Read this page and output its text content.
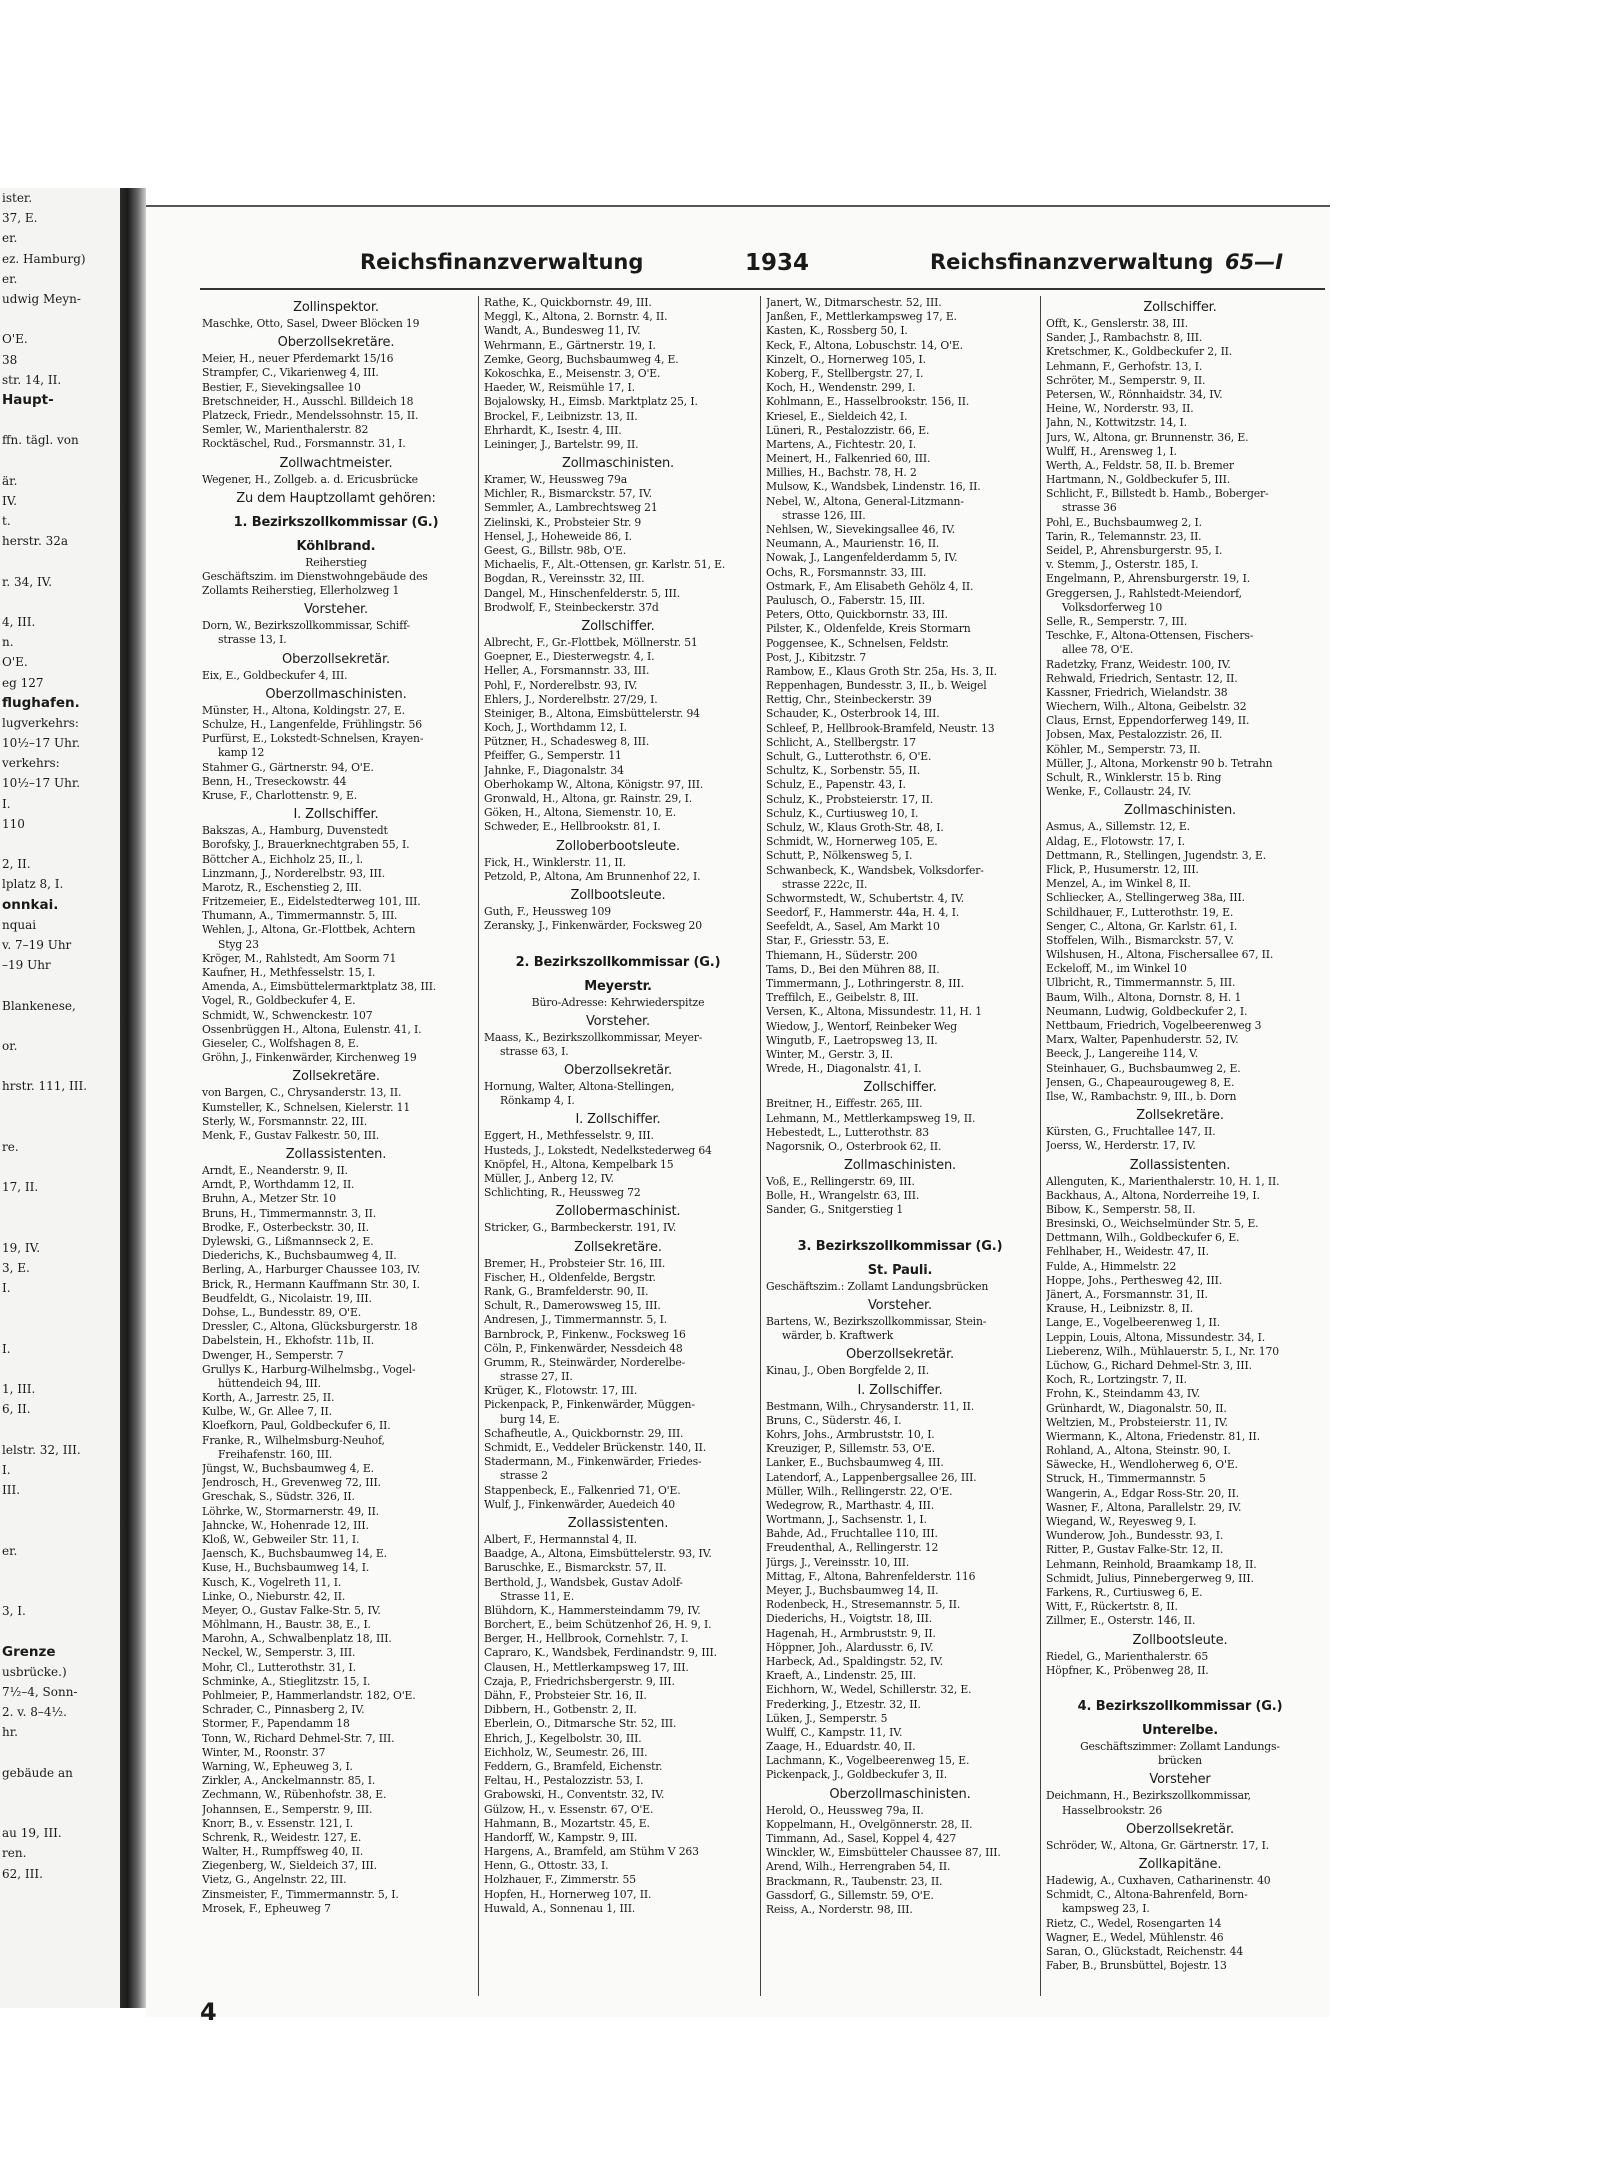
ister.
37, E.
er.
ez. Hamburg)
er.
udwig Meyn-
O'E.
38
str. 14, II.
Haupt-
ffn. tägl. von
är.
IV.
t.
herstr. 32a
r. 34, IV.
4, III.
n.
O'E.
eg 127
flughafen.
lugverkehrs:
10½–17 Uhr.
verkehrs:
10½–17 Uhr.
I.
110
2, II.
lplatz 8, I.
onnkai.
nquai
v. 7–19 Uhr
–19 Uhr
Blankenese,
or.
hrstr. 111, III.
re.
17, II.
19, IV.
3, E.
I.
I.
1, III.
6, II.
lelstr. 32, III.
I.
III.
er.
3, I.
Grenze
usbrücke.)
7½–4, Sonn-
2. v. 8–4½.
hr.
gebäude an
au 19, III.
ren.
62, III.
Reichsfinanzverwaltung	1934	Reichsfinanzverwaltung 65—I
Zollinspektor.
Maschke, Otto, Sasel, Dweer Blöcken 19
Oberzollsekretäre.
Meier, H., neuer Pferdemarkt 15/16
Strampfer, C., Vikarienweg 4, III.
Bestier, F., Sievekingsallee 10
Bretschneider, H., Ausschl. Billdeich 18
Platzeck, Friedr., Mendelssohnstr. 15, II.
Semler, W., Marienthalerstr. 82
Rocktäschel, Rud., Forsmannstr. 31, I.
Zollwachtmeister.
Wegener, H., Zollgeb. a. d. Ericusbrücke
Zu dem Hauptzollamt gehören:
1. Bezirkszollkommissar (G.)
Köhlbrand.
Reiherstieg
Geschäftszim. im Dienstwohngebäude des
Zollamts Reiherstieg, Ellerholzweg 1
Vorsteher.
Dorn, W., Bezirkszollkommissar, Schiff-
strasse 13, I.
Oberzollsekretär.
Eix, E., Goldbeckufer 4, III.
Oberzollmaschinisten.
Münster, H., Altona, Koldingstr. 27, E.
Schulze, H., Langenfelde, Frühlingstr. 56
Purfürst, E., Lokstedt-Schnelsen, Krayen-
kamp 12
Stahmer G., Gärtnerstr. 94, O'E.
Benn, H., Treseckowstr. 44
Kruse, F., Charlottenstr. 9, E.
I. Zollschiffer.
Bakszas, A., Hamburg, Duvenstedt
Borofsky, J., Brauerknechtgraben 55, I.
Böttcher A., Eichholz 25, II., l.
Linzmann, J., Norderelbstr. 93, III.
Marotz, R., Eschenstieg 2, III.
Fritzemeier, E., Eidelstedterweg 101, III.
Thumann, A., Timmermannstr. 5, III.
Wehlen, J., Altona, Gr.-Flottbek, Achtern
Styg 23
Kröger, M., Rahlstedt, Am Soorm 71
Kaufner, H., Methfesselstr. 15, I.
Amenda, A., Eimsbüttelermarktplatz 38, III.
Vogel, R., Goldbeckufer 4, E.
Schmidt, W., Schwenckestr. 107
Ossenbrüggen H., Altona, Eulenstr. 41, I.
Gieseler, C., Wolfshagen 8, E.
Gröhn, J., Finkenwärder, Kirchenweg 19
Zollsekretäre.
von Bargen, C., Chrysanderstr. 13, II.
Kumsteller, K., Schnelsen, Kielerstr. 11
Sterly, W., Forsmannstr. 22, III.
Menk, F., Gustav Falkestr. 50, III.
Zollassistenten.
Arndt, E., Neanderstr. 9, II.
Arndt, P., Worthdamm 12, II.
Bruhn, A., Metzer Str. 10
Bruns, H., Timmermannstr. 3, II.
Brodke, F., Osterbeckstr. 30, II.
Dylewski, G., Lißmannseck 2, E.
Diederichs, K., Buchsbaumweg 4, II.
Berling, A., Harburger Chaussee 103, IV.
Brick, R., Hermann Kauffmann Str. 30, I.
Beudfeldt, G., Nicolaistr. 19, III.
Dohse, L., Bundesstr. 89, O'E.
Dressler, C., Altona, Glücksburgerstr. 18
Dabelstein, H., Ekhofstr. 11b, II.
Dwenger, H., Semperstr. 7
Grullys K., Harburg-Wilhelmsbg., Vogel-
hüttendeich 94, III.
Korth, A., Jarrestr. 25, II.
Kulbe, W., Gr. Allee 7, II.
Kloefkorn, Paul, Goldbeckufer 6, II.
Franke, R., Wilhelmsburg-Neuhof,
Freihafenstr. 160, III.
Jüngst, W., Buchsbaumweg 4, E.
Jendrosch, H., Grevenweg 72, III.
Greschak, S., Südstr. 326, II.
Löhrke, W., Stormarnerstr. 49, II.
Jahncke, W., Hohenrade 12, III.
Kloß, W., Gebweiler Str. 11, I.
Jaensch, K., Buchsbaumweg 14, E.
Kuse, H., Buchsbaumweg 14, I.
Kusch, K., Vogelreth 11, I.
Linke, O., Nieburstr. 42, II.
Meyer, O., Gustav Falke-Str. 5, IV.
Möhlmann, H., Baustr. 38, E., I.
Marohn, A., Schwalbenplatz 18, III.
Neckel, W., Semperstr. 3, III.
Mohr, Cl., Lutterothstr. 31, I.
Schminke, A., Stieglitzstr. 15, I.
Pohlmeier, P., Hammerlandstr. 182, O'E.
Schrader, C., Pinnasberg 2, IV.
Stormer, F., Papendamm 18
Tonn, W., Richard Dehmel-Str. 7, III.
Winter, M., Roonstr. 37
Warning, W., Epheuweg 3, I.
Zirkler, A., Anckelmannstr. 85, I.
Zechmann, W., Rübenhofstr. 38, E.
Johannsen, E., Semperstr. 9, III.
Knorr, B., v. Essenstr. 121, I.
Schrenk, R., Weidestr. 127, E.
Walter, H., Rumpffsweg 40, II.
Ziegenberg, W., Sieldeich 37, III.
Vietz, G., Angelnstr. 22, III.
Zinsmeister, F., Timmermannstr. 5, I.
Mrosek, F., Epheuweg 7
Rathe, K., Quickbornstr. 49, III.
Meggl, K., Altona, 2. Bornstr. 4, II.
Wandt, A., Bundesweg 11, IV.
Wehrmann, E., Gärtnerstr. 19, I.
Zemke, Georg, Buchsbaumweg 4, E.
Kokoschka, E., Meisenstr. 3, O'E.
Haeder, W., Reismühle 17, I.
Bojalowsky, H., Eimsb. Marktplatz 25, I.
Brockel, F., Leibnizstr. 13, II.
Ehrhardt, K., Isestr. 4, III.
Leininger, J., Bartelstr. 99, II.
Zollmaschinisten.
Kramer, W., Heussweg 79a
Michler, R., Bismarckstr. 57, IV.
Semmler, A., Lambrechtsweg 21
Zielinski, K., Probsteier Str. 9
Hensel, J., Hoheweide 86, I.
Geest, G., Billstr. 98b, O'E.
Michaelis, F., Alt.-Ottensen, gr. Karlstr. 51, E.
Bogdan, R., Vereinsstr. 32, III.
Dangel, M., Hinschenfelderstr. 5, III.
Brodwolf, F., Steinbeckerstr. 37d
Zollschiffer.
Albrecht, F., Gr.-Flottbek, Möllnerstr. 51
Goepner, E., Diesterwegstr. 4, I.
Heller, A., Forsmannstr. 33, III.
Pohl, F., Norderelbstr. 93, IV.
Ehlers, J., Norderelbstr. 27/29, I.
Steiniger, B., Altona, Eimsbüttelerstr. 94
Koch, J., Worthdamm 12, I.
Pützner, H., Schadesweg 8, III.
Pfeiffer, G., Semperstr. 11
Jahnke, F., Diagonalstr. 34
Oberhokamp W., Altona, Königstr. 97, III.
Gronwald, H., Altona, gr. Rainstr. 29, I.
Göken, H., Altona, Siemenstr. 10, E.
Schweder, E., Hellbrookstr. 81, I.
Zolloberbootsleute.
Fick, H., Winklerstr. 11, II.
Petzold, P., Altona, Am Brunnenhof 22, I.
Zollbootsleute.
Guth, F., Heussweg 109
Zeransky, J., Finkenwärder, Focksweg 20
2. Bezirkszollkommissar (G.)
Meyerstr.
Büro-Adresse: Kehrwiederspitze
Vorsteher.
Maass, K., Bezirkszollkommissar, Meyer-
strasse 63, I.
Oberzollsekretär.
Hornung, Walter, Altona-Stellingen,
Rönkamp 4, I.
I. Zollschiffer.
Eggert, H., Methfesselstr. 9, III.
Husteds, J., Lokstedt, Nedelkstederweg 64
Knöpfel, H., Altona, Kempelbark 15
Müller, J., Anberg 12, IV.
Schlichting, R., Heussweg 72
Zollobermaschinist.
Stricker, G., Barmbeckerstr. 191, IV.
Zollsekretäre.
Bremer, H., Probsteier Str. 16, III.
Fischer, H., Oldenfelde, Bergstr.
Rank, G., Bramfelderstr. 90, II.
Schult, R., Damerowsweg 15, III.
Andresen, J., Timmermannstr. 5, I.
Barnbrock, P., Finkenw., Focksweg 16
Cöln, P., Finkenwärder, Nessdeich 48
Grumm, R., Steinwärder, Norderelbe-
strasse 27, II.
Krüger, K., Flotowstr. 17, III.
Pickenpack, P., Finkenwärder, Müggen-
burg 14, E.
Schafheutle, A., Quickbornstr. 29, III.
Schmidt, E., Veddeler Brückenstr. 140, II.
Stadermann, M., Finkenwärder, Friedes-
strasse 2
Stappenbeck, E., Falkenried 71, O'E.
Wulf, J., Finkenwärder, Auedeich 40
Zollassistenten.
Albert, F., Hermannstal 4, II.
Baadge, A., Altona, Eimsbüttelerstr. 93, IV.
Baruschke, E., Bismarckstr. 57, II.
Berthold, J., Wandsbek, Gustav Adolf-
Strasse 11, E.
Blühdorn, K., Hammersteindamm 79, IV.
Borchert, E., beim Schützenhof 26, H. 9, I.
Berger, H., Hellbrook, Cornehlstr. 7, I.
Capraro, K., Wandsbek, Ferdinandstr. 9, III.
Clausen, H., Mettlerkampsweg 17, III.
Czaja, P., Friedrichsbergerstr. 9, III.
Dähn, F., Probsteier Str. 16, II.
Dibbern, H., Gotbenstr. 2, II.
Eberlein, O., Ditmarsche Str. 52, III.
Ehrich, J., Kegelbolstr. 30, III.
Eichholz, W., Seumestr. 26, III.
Feddern, G., Bramfeld, Eichenstr.
Feltau, H., Pestalozzistr. 53, I.
Grabowski, H., Conventstr. 32, IV.
Gülzow, H., v. Essenstr. 67, O'E.
Hahmann, B., Mozartstr. 45, E.
Handorff, W., Kampstr. 9, III.
Hargens, A., Bramfeld, am Stühm V 263
Henn, G., Ottostr. 33, I.
Holzhauer, F., Zimmerstr. 55
Hopfen, H., Hornerweg 107, II.
Huwald, A., Sonnenau 1, III.
Janert, W., Ditmarschestr. 52, III.
Janßen, F., Mettlerkampsweg 17, E.
Kasten, K., Rossberg 50, I.
Keck, F., Altona, Lobuschstr. 14, O'E.
Kinzelt, O., Hornerweg 105, I.
Koberg, F., Stellbergstr. 27, I.
Koch, H., Wendenstr. 299, I.
Kohlmann, E., Hasselbrookstr. 156, II.
Kriesel, E., Sieldeich 42, I.
Lüneri, R., Pestalozzistr. 66, E.
Martens, A., Fichtestr. 20, I.
Meinert, H., Falkenried 60, III.
Millies, H., Bachstr. 78, H. 2
Mulsow, K., Wandsbek, Lindenstr. 16, II.
Nebel, W., Altona, General-Litzmann-
strasse 126, III.
Nehlsen, W., Sievekingsallee 46, IV.
Neumann, A., Maurienstr. 16, II.
Nowak, J., Langenfelderdamm 5, IV.
Ochs, R., Forsmannstr. 33, III.
Ostmark, F., Am Elisabeth Gehölz 4, II.
Paulusch, O., Faberstr. 15, III.
Peters, Otto, Quickbornstr. 33, III.
Pilster, K., Oldenfelde, Kreis Stormarn
Poggensee, K., Schnelsen, Feldstr.
Post, J., Kibitzstr. 7
Rambow, E., Klaus Groth Str. 25a, Hs. 3, II.
Reppenhagen, Bundesstr. 3, II., b. Weigel
Rettig, Chr., Steinbeckerstr. 39
Schauder, K., Osterbrook 14, III.
Schleef, P., Hellbrook-Bramfeld, Neustr. 13
Schlicht, A., Stellbergstr. 17
Schult, G., Lutterothstr. 6, O'E.
Schultz, K., Sorbenstr. 55, II.
Schulz, E., Papenstr. 43, I.
Schulz, K., Probsteierstr. 17, II.
Schulz, K., Curtiusweg 10, I.
Schulz, W., Klaus Groth-Str. 48, I.
Schmidt, W., Hornerweg 105, E.
Schutt, P., Nölkensweg 5, I.
Schwanbeck, K., Wandsbek, Volksdorfer-
strasse 222c, II.
Schwormstedt, W., Schubertstr. 4, IV.
Seedorf, F., Hammerstr. 44a, H. 4, I.
Seefeldt, A., Sasel, Am Markt 10
Star, F., Griesstr. 53, E.
Thiemann, H., Süderstr. 200
Tams, D., Bei den Mühren 88, II.
Timmermann, J., Lothringerstr. 8, III.
Treffilch, E., Geibelstr. 8, III.
Versen, K., Altona, Missundestr. 11, H. 1
Wiedow, J., Wentorf, Reinbeker Weg
Wingutb, F., Laetropsweg 13, II.
Winter, M., Gerstr. 3, II.
Wrede, H., Diagonalstr. 41, I.
Zollschiffer.
Breitner, H., Eiffestr. 265, III.
Lehmann, M., Mettlerkampsweg 19, II.
Hebestedt, L., Lutterothstr. 83
Nagorsnik, O., Osterbrook 62, II.
Zollmaschinisten.
Voß, E., Rellingerstr. 69, III.
Bolle, H., Wrangelstr. 63, III.
Sander, G., Snitgerstieg 1
3. Bezirkszollkommissar (G.)
St. Pauli.
Geschäftszim.: Zollamt Landungsbrücken
Vorsteher.
Bartens, W., Bezirkszollkommissar, Stein-
wärder, b. Kraftwerk
Oberzollsekretär.
Kinau, J., Oben Borgfelde 2, II.
I. Zollschiffer.
Bestmann, Wilh., Chrysanderstr. 11, II.
Bruns, C., Süderstr. 46, I.
Kohrs, Johs., Armbruststr. 10, I.
Kreuziger, P., Sillemstr. 53, O'E.
Lanker, E., Buchsbaumweg 4, III.
Latendorf, A., Lappenbergsallee 26, III.
Müller, Wilh., Rellingerstr. 22, O'E.
Wedegrow, R., Marthastr. 4, III.
Wortmann, J., Sachsenstr. 1, I.
Bahde, Ad., Fruchtallee 110, III.
Freudenthal, A., Rellingerstr. 12
Jürgs, J., Vereinsstr. 10, III.
Mittag, F., Altona, Bahrenfelderstr. 116
Meyer, J., Buchsbaumweg 14, II.
Rodenbeck, H., Stresemannstr. 5, II.
Diederichs, H., Voigtstr. 18, III.
Hagenah, H., Armbruststr. 9, II.
Höppner, Joh., Alardusstr. 6, IV.
Harbeck, Ad., Spaldingstr. 52, IV.
Kraeft, A., Lindenstr. 25, III.
Eichhorn, W., Wedel, Schillerstr. 32, E.
Frederking, J., Etzestr. 32, II.
Lüken, J., Semperstr. 5
Wulff, C., Kampstr. 11, IV.
Zaage, H., Eduardstr. 40, II.
Lachmann, K., Vogelbeerenweg 15, E.
Pickenpack, J., Goldbeckufer 3, II.
Oberzollmaschinisten.
Herold, O., Heussweg 79a, II.
Koppelmann, H., Ovelgönnerstr. 28, II.
Timmann, Ad., Sasel, Koppel 4, 427
Winckler, W., Eimsbütteler Chaussee 87, III.
Arend, Wilh., Herrengraben 54, II.
Brackmann, R., Taubenstr. 23, II.
Gassdorf, G., Sillemstr. 59, O'E.
Reiss, A., Norderstr. 98, III.
Zollschiffer.
Offt, K., Genslerstr. 38, III.
Sander, J., Rambachstr. 8, III.
Kretschmer, K., Goldbeckufer 2, II.
Lehmann, F., Gerhofstr. 13, I.
Schröter, M., Semperstr. 9, II.
Petersen, W., Rönnhaidstr. 34, IV.
Heine, W., Norderstr. 93, II.
Jahn, N., Kottwitzstr. 14, I.
Jurs, W., Altona, gr. Brunnenstr. 36, E.
Wulff, H., Arensweg 1, I.
Werth, A., Feldstr. 58, II. b. Bremer
Hartmann, N., Goldbeckufer 5, III.
Schlicht, F., Billstedt b. Hamb., Boberger-
strasse 36
Pohl, E., Buchsbaumweg 2, I.
Tarin, R., Telemannstr. 23, II.
Seidel, P., Ahrensburgerstr. 95, I.
v. Stemm, J., Osterstr. 185, I.
Engelmann, P., Ahrensburgerstr. 19, I.
Greggersen, J., Rahlstedt-Meiendorf,
Volksdorferweg 10
Selle, R., Semperstr. 7, III.
Teschke, F., Altona-Ottensen, Fischers-
allee 78, O'E.
Radetzky, Franz, Weidestr. 100, IV.
Rehwald, Friedrich, Sentastr. 12, II.
Kassner, Friedrich, Wielandstr. 38
Wiechern, Wilh., Altona, Geibelstr. 32
Claus, Ernst, Eppendorferweg 149, II.
Jobsen, Max, Pestalozzistr. 26, II.
Köhler, M., Semperstr. 73, II.
Müller, J., Altona, Morkenstr 90 b. Tetrahn
Schult, R., Winklerstr. 15 b. Ring
Wenke, F., Collaustr. 24, IV.
Zollmaschinisten.
Asmus, A., Sillemstr. 12, E.
Aldag, E., Flotowstr. 17, I.
Dettmann, R., Stellingen, Jugendstr. 3, E.
Flick, P., Husumerstr. 12, III.
Menzel, A., im Winkel 8, II.
Schliecker, A., Stellingerweg 38a, III.
Schildhauer, F., Lutterothstr. 19, E.
Senger, C., Altona, Gr. Karlstr. 61, I.
Stoffelen, Wilh., Bismarckstr. 57, V.
Wilshusen, H., Altona, Fischersallee 67, II.
Eckeloff, M., im Winkel 10
Ulbricht, R., Timmermannstr. 5, III.
Baum, Wilh., Altona, Dornstr. 8, H. 1
Neumann, Ludwig, Goldbeckufer 2, I.
Nettbaum, Friedrich, Vogelbeerenweg 3
Marx, Walter, Papenhuderstr. 52, IV.
Beeck, J., Langereihe 114, V.
Steinhauer, G., Buchsbaumweg 2, E.
Jensen, G., Chapeaurougeweg 8, E.
Ilse, W., Rambachstr. 9, III., b. Dorn
Zollsekretäre.
Kürsten, G., Fruchtallee 147, II.
Joerss, W., Herderstr. 17, IV.
Zollassistenten.
Allenguten, K., Marienthalerstr. 10, H. 1, II.
Backhaus, A., Altona, Norderreihe 19, I.
Bibow, K., Semperstr. 58, II.
Bresinski, O., Weichselmünder Str. 5, E.
Dettmann, Wilh., Goldbeckufer 6, E.
Fehlhaber, H., Weidestr. 47, II.
Fulde, A., Himmelstr. 22
Hoppe, Johs., Perthesweg 42, III.
Jänert, A., Forsmannstr. 31, II.
Krause, H., Leibnizstr. 8, II.
Lange, E., Vogelbeerenweg 1, II.
Leppin, Louis, Altona, Missundestr. 34, I.
Lieberenz, Wilh., Mühlauerstr. 5, I., Nr. 170
Lüchow, G., Richard Dehmel-Str. 3, III.
Koch, R., Lortzingstr. 7, II.
Frohn, K., Steindamm 43, IV.
Grünhardt, W., Diagonalstr. 50, II.
Weltzien, M., Probsteierstr. 11, IV.
Wiermann, K., Altona, Friedenstr. 81, II.
Rohland, A., Altona, Steinstr. 90, I.
Säwecke, H., Wendloherweg 6, O'E.
Struck, H., Timmermannstr. 5
Wangerin, A., Edgar Ross-Str. 20, II.
Wasner, F., Altona, Parallelstr. 29, IV.
Wiegand, W., Reyesweg 9, I.
Wunderow, Joh., Bundesstr. 93, I.
Ritter, P., Gustav Falke-Str. 12, II.
Lehmann, Reinhold, Braamkamp 18, II.
Schmidt, Julius, Pinnebergerweg 9, III.
Farkens, R., Curtiusweg 6, E.
Witt, F., Rückertstr. 8, II.
Zillmer, E., Osterstr. 146, II.
Zollbootsleute.
Riedel, G., Marienthalerstr. 65
Höpfner, K., Pröbenweg 28, II.
4. Bezirkszollkommissar (G.)
Unterelbe.
Geschäftszimmer: Zollamt Landungs-
brücken
Vorsteher
Deichmann, H., Bezirkszollkommissar,
Hasselbrookstr. 26
Oberzollsekretär.
Schröder, W., Altona, Gr. Gärtnerstr. 17, I.
Zollkapitäne.
Hadewig, A., Cuxhaven, Catharinenstr. 40
Schmidt, C., Altona-Bahrenfeld, Born-
kampsweg 23, I.
Rietz, C., Wedel, Rosengarten 14
Wagner, E., Wedel, Mühlenstr. 46
Saran, O., Glückstadt, Reichenstr. 44
Faber, B., Brunsbüttel, Bojestr. 13
4
